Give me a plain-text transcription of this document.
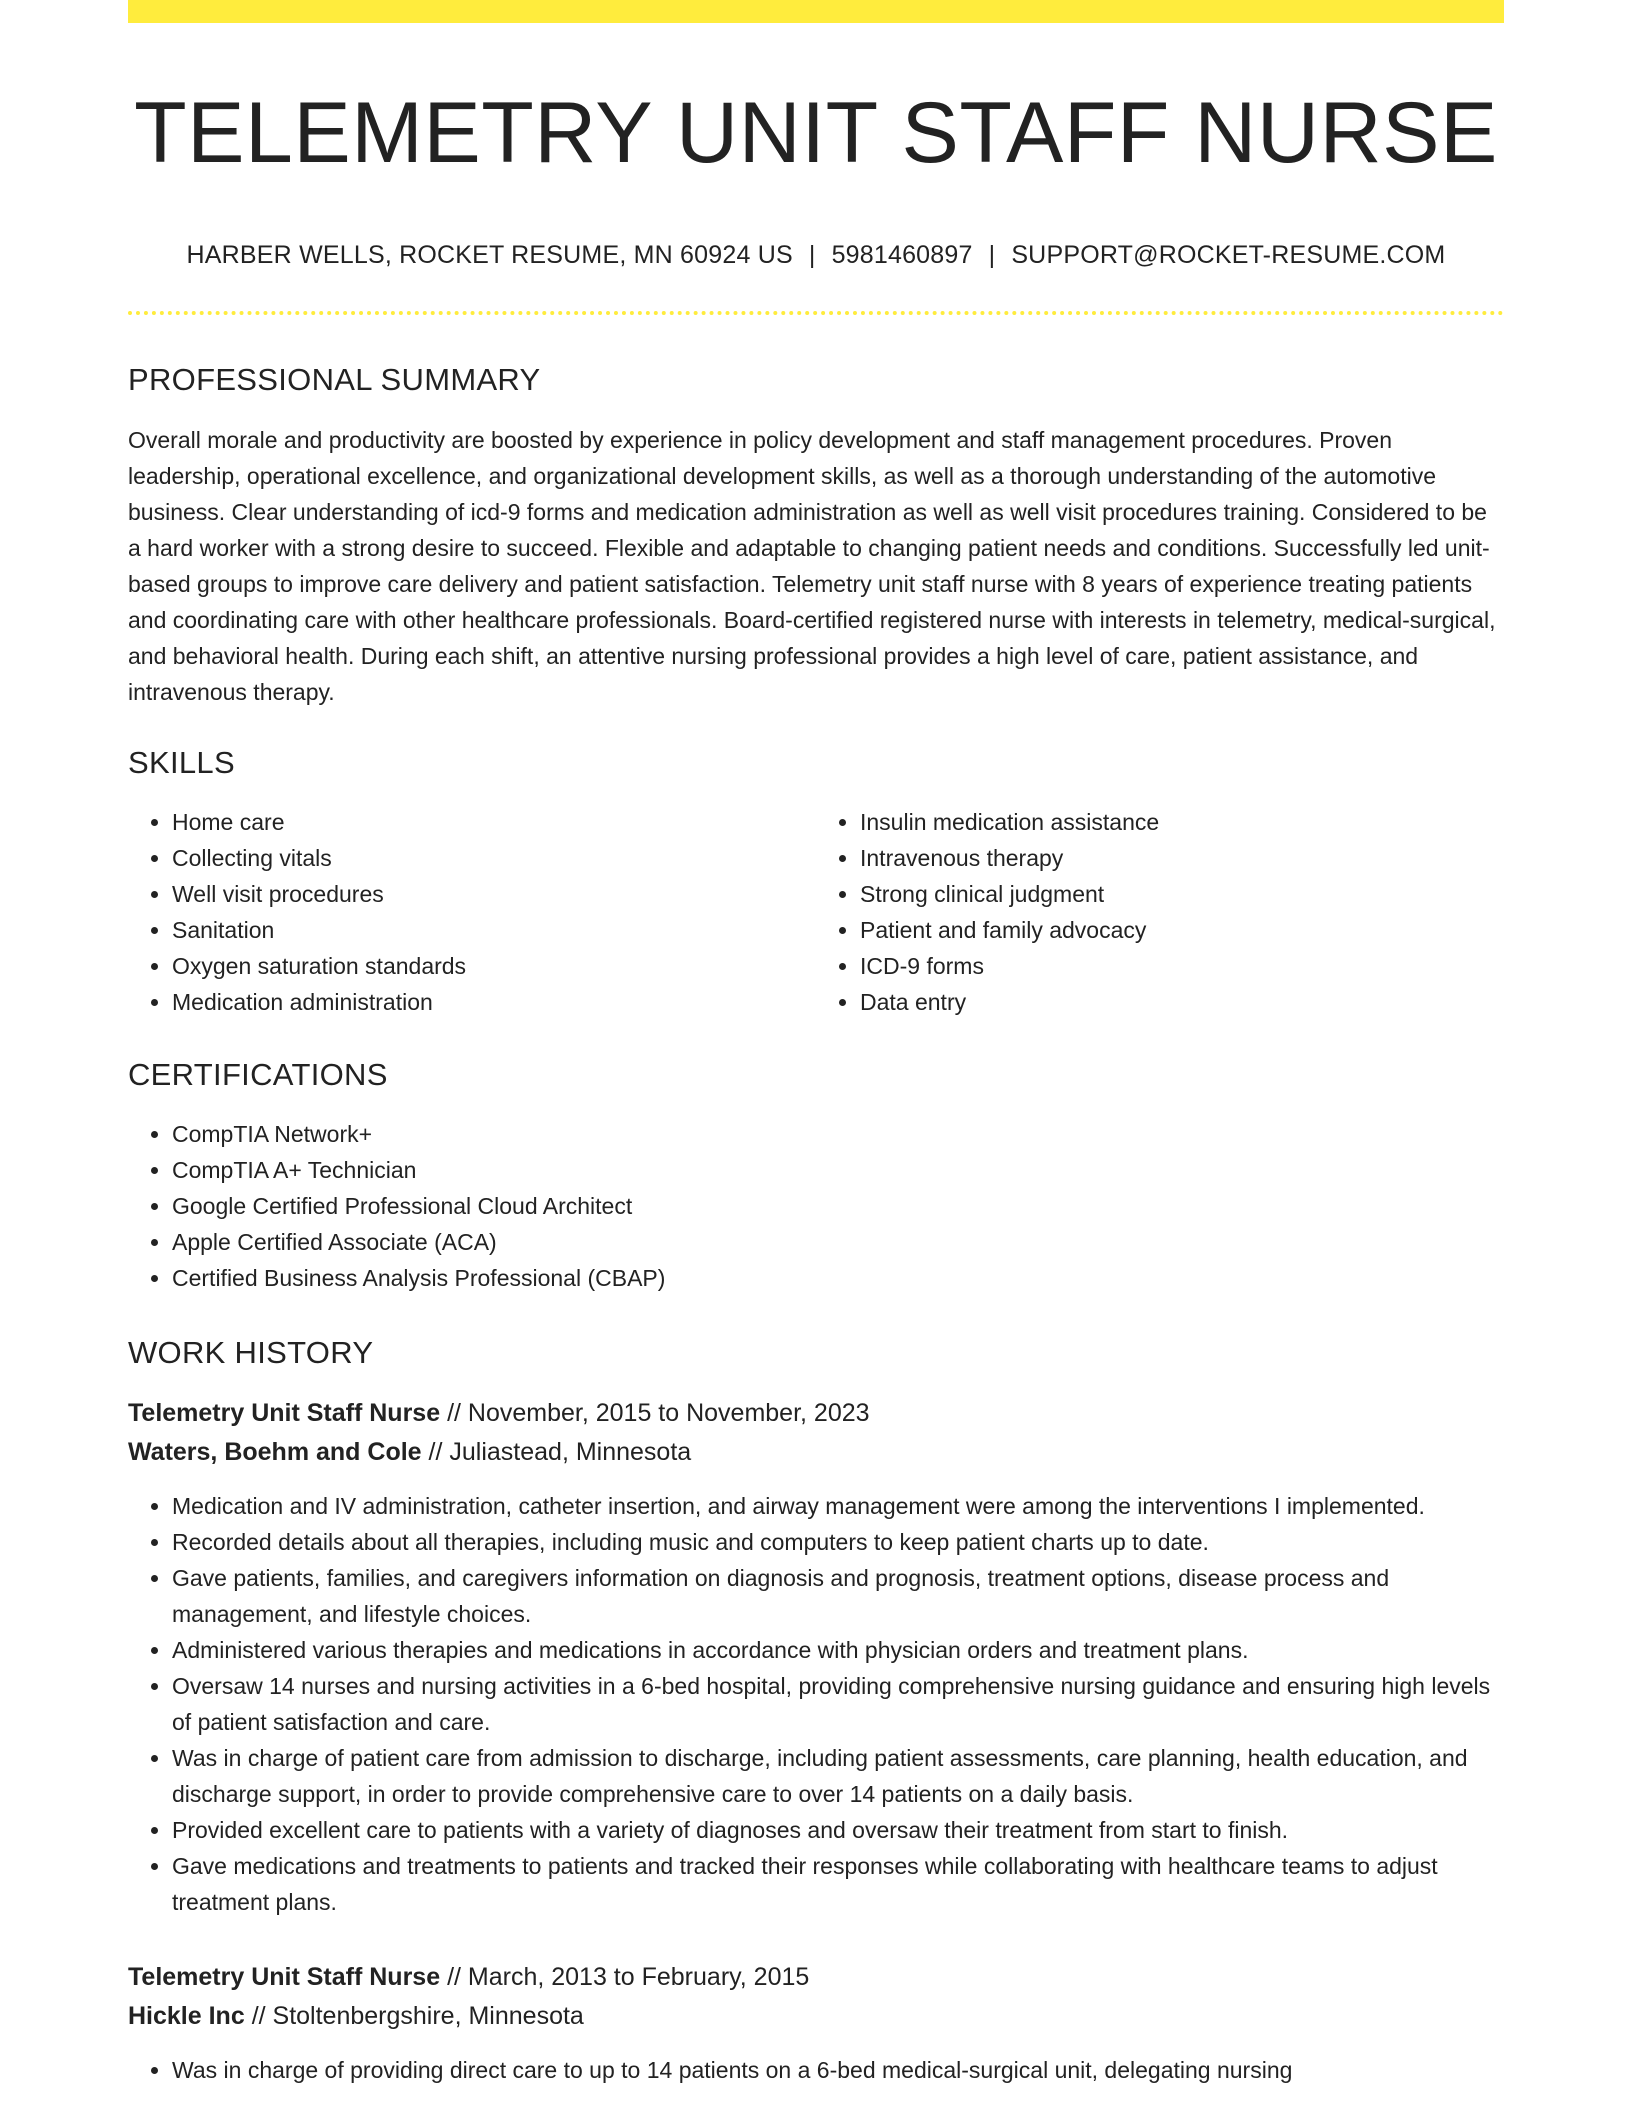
TELEMETRY UNIT STAFF NURSE
HARBER WELLS, ROCKET RESUME, MN 60924 US | 5981460897 | SUPPORT@ROCKET-RESUME.COM
PROFESSIONAL SUMMARY

Overall morale and productivity are boosted by experience in policy development and staff management procedures. Proven leadership, operational excellence, and organizational development skills, as well as a thorough understanding of the automotive business. Clear understanding of icd-9 forms and medication administration as well as well visit procedures training. Considered to be a hard worker with a strong desire to succeed. Flexible and adaptable to changing patient needs and conditions. Successfully led unit-based groups to improve care delivery and patient satisfaction. Telemetry unit staff nurse with 8 years of experience treating patients and coordinating care with other healthcare professionals. Board-certified registered nurse with interests in telemetry, medical-surgical, and behavioral health. During each shift, an attentive nursing professional provides a high level of care, patient assistance, and intravenous therapy.

SKILLS
• Home care
• Collecting vitals
• Well visit procedures
• Sanitation
• Oxygen saturation standards
• Medication administration
• Insulin medication assistance
• Intravenous therapy
• Strong clinical judgment
• Patient and family advocacy
• ICD-9 forms
• Data entry
CERTIFICATIONS
• CompTIA Network+
• CompTIA A+ Technician
• Google Certified Professional Cloud Architect
• Apple Certified Associate (ACA)
• Certified Business Analysis Professional (CBAP)
WORK HISTORY
Telemetry Unit Staff Nurse // November, 2015 to November, 2023
Waters, Boehm and Cole // Juliastead, Minnesota
• Medication and IV administration, catheter insertion, and airway management were among the interventions I implemented.
• Recorded details about all therapies, including music and computers to keep patient charts up to date.
• Gave patients, families, and caregivers information on diagnosis and prognosis, treatment options, disease process and management, and lifestyle choices.
• Administered various therapies and medications in accordance with physician orders and treatment plans.
• Oversaw 14 nurses and nursing activities in a 6-bed hospital, providing comprehensive nursing guidance and ensuring high levels of patient satisfaction and care.
• Was in charge of patient care from admission to discharge, including patient assessments, care planning, health education, and discharge support, in order to provide comprehensive care to over 14 patients on a daily basis.
• Provided excellent care to patients with a variety of diagnoses and oversaw their treatment from start to finish.
• Gave medications and treatments to patients and tracked their responses while collaborating with healthcare teams to adjust treatment plans.
Telemetry Unit Staff Nurse // March, 2013 to February, 2015
Hickle Inc // Stoltenbergshire, Minnesota
• Was in charge of providing direct care to up to 14 patients on a 6-bed medical-surgical unit, delegating nursing
